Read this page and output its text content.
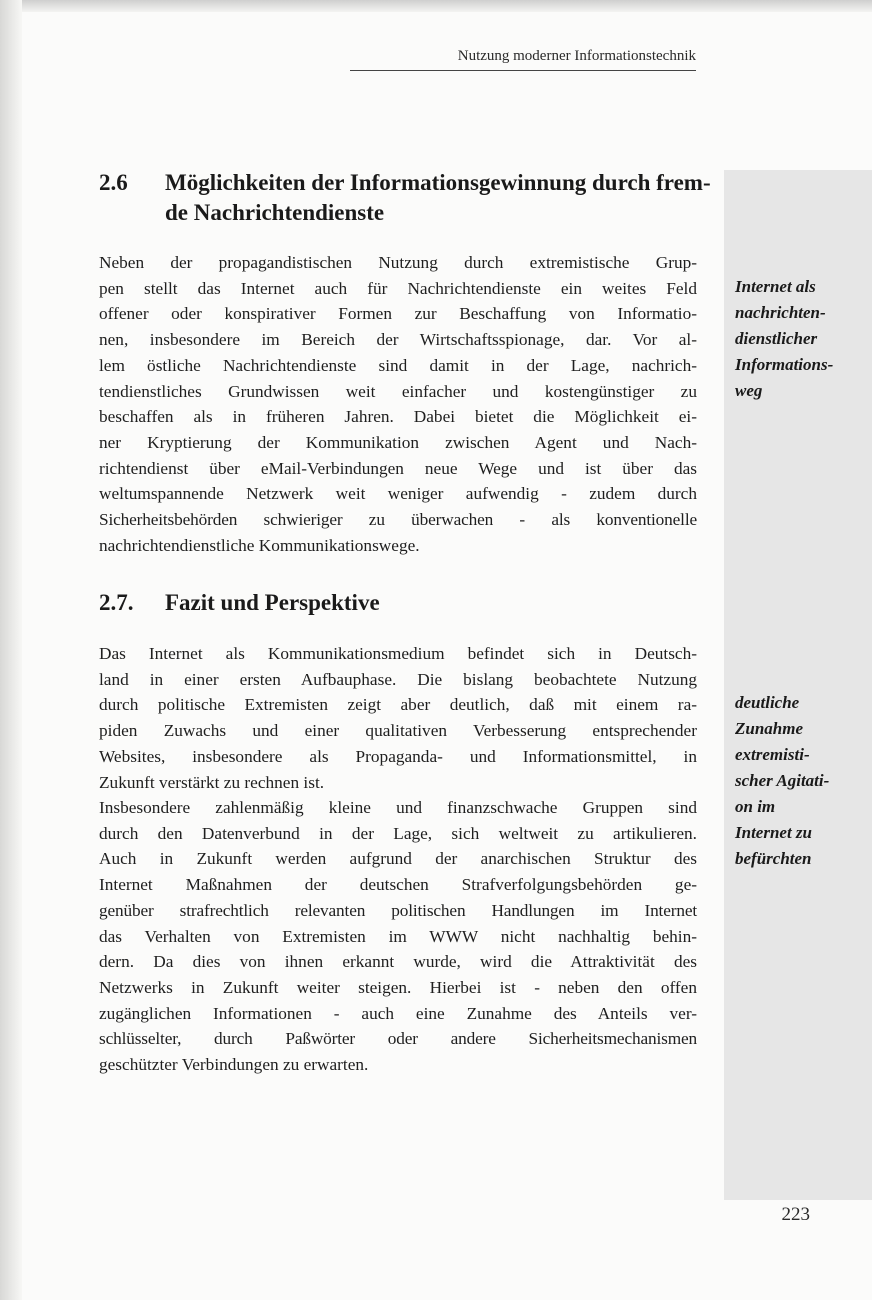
Nutzung moderner Informationstechnik
2.6 Möglichkeiten der Informationsgewinnung durch frem-
de Nachrichtendienste

Neben der propagandistischen Nutzung durch extremistische Grup-
pen stellt das Internet auch für Nachrichtendienste ein weites Feld
offener oder konspirativer Formen zur Beschaffung von Informatio-
nen, insbesondere im Bereich der Wirtschaftsspionage, dar. Vor al-
lem östliche Nachrichtendienste sind damit in der Lage, nachrich-
tendienstliches Grundwissen weit einfacher und kostengünstiger zu
beschaffen als in früheren Jahren. Dabei bietet die Möglichkeit ei-
ner Kryptierung der Kommunikation zwischen Agent und Nach-
richtendienst über eMail-Verbindungen neue Wege und ist über das
weltumspannende Netzwerk weit weniger aufwendig - zudem durch
Sicherheitsbehörden schwieriger zu überwachen - als konventionelle
nachrichtendienstliche Kommunikationswege.

Internet als
nachrichten-
dienstlicher
Informations-
weg

2.7. Fazit und Perspektive

Das Internet als Kommunikationsmedium befindet sich in Deutsch-
land in einer ersten Aufbauphase. Die bislang beobachtete Nutzung
durch politische Extremisten zeigt aber deutlich, daß mit einem ra-
piden Zuwachs und einer qualitativen Verbesserung entsprechender
Websites, insbesondere als Propaganda- und Informationsmittel, in
Zukunft verstärkt zu rechnen ist.

Insbesondere zahlenmäßig kleine und finanzschwache Gruppen sind
durch den Datenverbund in der Lage, sich weltweit zu artikulieren.
Auch in Zukunft werden aufgrund der anarchischen Struktur des
Internet Maßnahmen der deutschen Strafverfolgungsbehörden ge-
genüber strafrechtlich relevanten politischen Handlungen im Internet
das Verhalten von Extremisten im WWW nicht nachhaltig behin-
dern. Da dies von ihnen erkannt wurde, wird die Attraktivität des
Netzwerks in Zukunft weiter steigen. Hierbei ist - neben den offen
zugänglichen Informationen - auch eine Zunahme des Anteils ver-
schlüsselter, durch Paßwörter oder andere Sicherheitsmechanismen
geschützter Verbindungen zu erwarten.

deutliche
Zunahme
extremisti-
scher Agitati-
on im
Internet zu
befürchten

223
